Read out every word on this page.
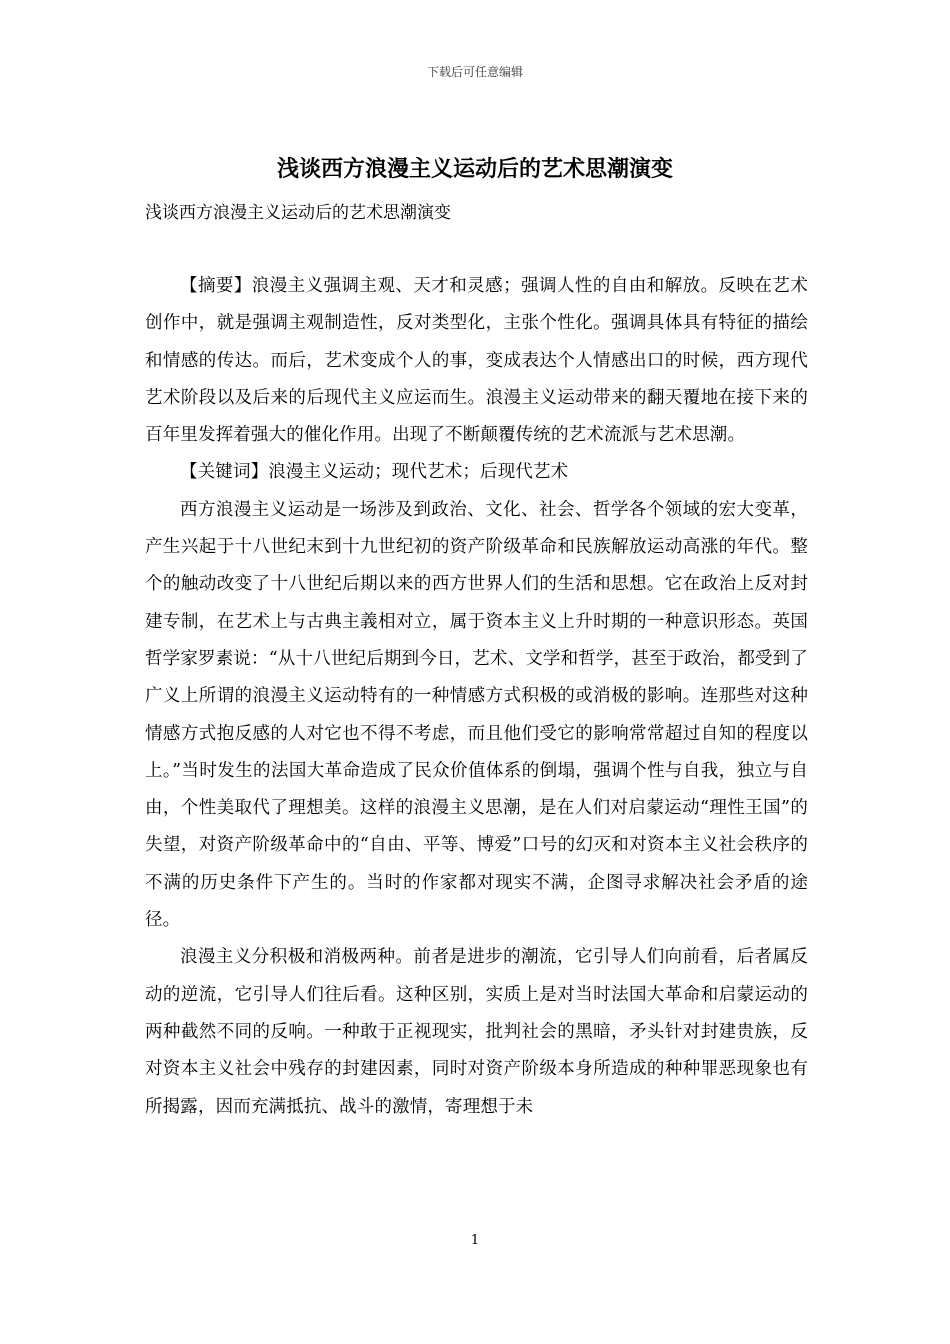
下载后可任意编辑
浅谈西方浪漫主义运动后的艺术思潮演变

浅谈西方浪漫主义运动后的艺术思潮演变

【摘要】浪漫主义强调主观、天才和灵感；强调人性的自由和解放。反映在艺术创作中，就是强调主观制造性，反对类型化，主张个性化。强调具体具有特征的描绘和情感的传达。而后，艺术变成个人的事，变成表达个人情感出口的时候，西方现代艺术阶段以及后来的后现代主义应运而生。浪漫主义运动带来的翻天覆地在接下来的百年里发挥着强大的催化作用。出现了不断颠覆传统的艺术流派与艺术思潮。

【关键词】浪漫主义运动；现代艺术；后现代艺术

西方浪漫主义运动是一场涉及到政治、文化、社会、哲学各个领域的宏大变革，产生兴起于十八世纪末到十九世纪初的资产阶级革命和民族解放运动高涨的年代。整个的触动改变了十八世纪后期以来的西方世界人们的生活和思想。它在政治上反对封建专制，在艺术上与古典主義相对立，属于资本主义上升时期的一种意识形态。英国哲学家罗素说：“从十八世纪后期到今日，艺术、文学和哲学，甚至于政治，都受到了广义上所谓的浪漫主义运动特有的一种情感方式积极的或消极的影响。连那些对这种情感方式抱反感的人对它也不得不考虑，而且他们受它的影响常常超过自知的程度以上。”当时发生的法国大革命造成了民众价值体系的倒塌，强调个性与自我，独立与自由，个性美取代了理想美。这样的浪漫主义思潮，是在人们对启蒙运动“理性王国”的失望，对资产阶级革命中的“自由、平等、博爱”口号的幻灭和对资本主义社会秩序的不满的历史条件下产生的。当时的作家都对现实不满，企图寻求解决社会矛盾的途径。

浪漫主义分积极和消极两种。前者是进步的潮流，它引导人们向前看，后者属反动的逆流，它引导人们往后看。这种区别，实质上是对当时法国大革命和启蒙运动的两种截然不同的反响。一种敢于正视现实，批判社会的黑暗，矛头针对封建贵族，反对资本主义社会中残存的封建因素，同时对资产阶级本身所造成的种种罪恶现象也有所揭露，因而充满抵抗、战斗的激情，寄理想于未

1
